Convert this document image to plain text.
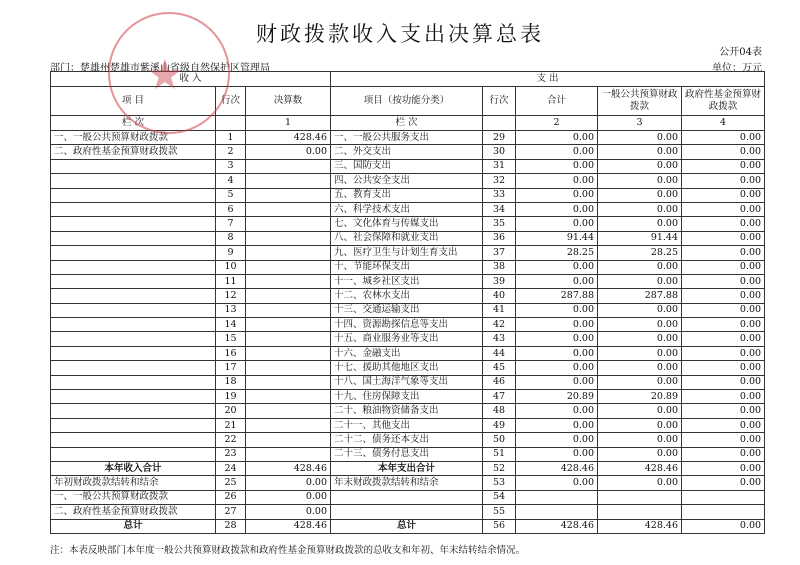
财政拨款收入支出决算总表
公开04表
部门：楚雄州楚雄市紫溪山省级自然保护区管理局	单位：万元
收 入			支 出				
项 目	行次	决算数	项目（按功能分类）	行次	合计	一般公共预算财政拨款	政府性基金预算财政拨款
栏 次		1	栏 次		2	3	4
一、一般公共预算财政拨款	1	428.46	一、一般公共服务支出	29	0.00	0.00	0.00
二、政府性基金预算财政拨款	2	0.00	二、外交支出	30	0.00	0.00	0.00
	3		三、国防支出	31	0.00	0.00	0.00
	4		四、公共安全支出	32	0.00	0.00	0.00
	5		五、教育支出	33	0.00	0.00	0.00
	6		六、科学技术支出	34	0.00	0.00	0.00
	7		七、文化体育与传媒支出	35	0.00	0.00	0.00
	8		八、社会保障和就业支出	36	91.44	91.44	0.00
	9		九、医疗卫生与计划生育支出	37	28.25	28.25	0.00
	10		十、节能环保支出	38	0.00	0.00	0.00
	11		十一、城乡社区支出	39	0.00	0.00	0.00
	12		十二、农林水支出	40	287.88	287.88	0.00
	13		十三、交通运输支出	41	0.00	0.00	0.00
	14		十四、资源勘探信息等支出	42	0.00	0.00	0.00
	15		十五、商业服务业等支出	43	0.00	0.00	0.00
	16		十六、金融支出	44	0.00	0.00	0.00
	17		十七、援助其他地区支出	45	0.00	0.00	0.00
	18		十八、国土海洋气象等支出	46	0.00	0.00	0.00
	19		十九、住房保障支出	47	20.89	20.89	0.00
	20		二十、粮油物资储备支出	48	0.00	0.00	0.00
	21		二十一、其他支出	49	0.00	0.00	0.00
	22		二十二、债务还本支出	50	0.00	0.00	0.00
	23		二十三、债务付息支出	51	0.00	0.00	0.00
本年收入合计	24	428.46	本年支出合计	52	428.46	428.46	0.00
年初财政拨款结转和结余	25	0.00	年末财政拨款结转和结余	53	0.00	0.00	0.00
一、一般公共预算财政拨款	26	0.00		54			
二、政府性基金预算财政拨款	27	0.00		55			
总计	28	428.46	总计	56	428.46	428.46	0.00
注：本表反映部门本年度一般公共预算财政拨款和政府性基金预算财政拨款的总收支和年初、年末结转结余情况。
★
